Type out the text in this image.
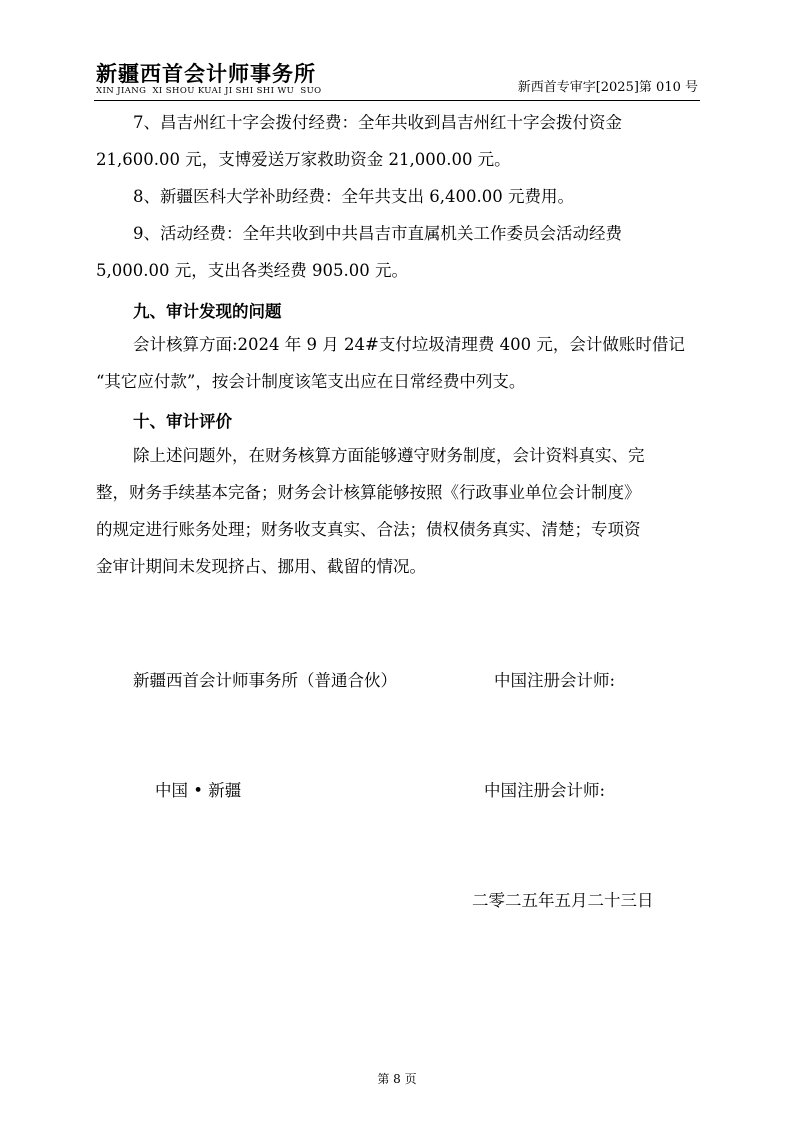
新疆西首会计师事务所
XIN JIANG  XI SHOU KUAI JI SHI SHI WU  SUO	新西首专审字[2025]第 010 号

7、昌吉州红十字会拨付经费：全年共收到昌吉州红十字会拨付资金
21,600.00 元，支博爱送万家救助资金 21,000.00 元。

8、新疆医科大学补助经费：全年共支出 6,400.00 元费用。

9、活动经费：全年共收到中共昌吉市直属机关工作委员会活动经费
5,000.00 元，支出各类经费 905.00 元。

九、审计发现的问题

会计核算方面:2024 年 9 月 24#支付垃圾清理费 400 元，会计做账时借记
“其它应付款”，按会计制度该笔支出应在日常经费中列支。

十、审计评价

除上述问题外，在财务核算方面能够遵守财务制度，会计资料真实、完
整，财务手续基本完备；财务会计核算能够按照《行政事业单位会计制度》
的规定进行账务处理；财务收支真实、合法；债权债务真实、清楚；专项资
金审计期间未发现挤占、挪用、截留的情况。

新疆西首会计师事务所（普通合伙）	中国注册会计师:
中国 • 新疆	中国注册会计师:
二零二五年五月二十三日
第 8 页
